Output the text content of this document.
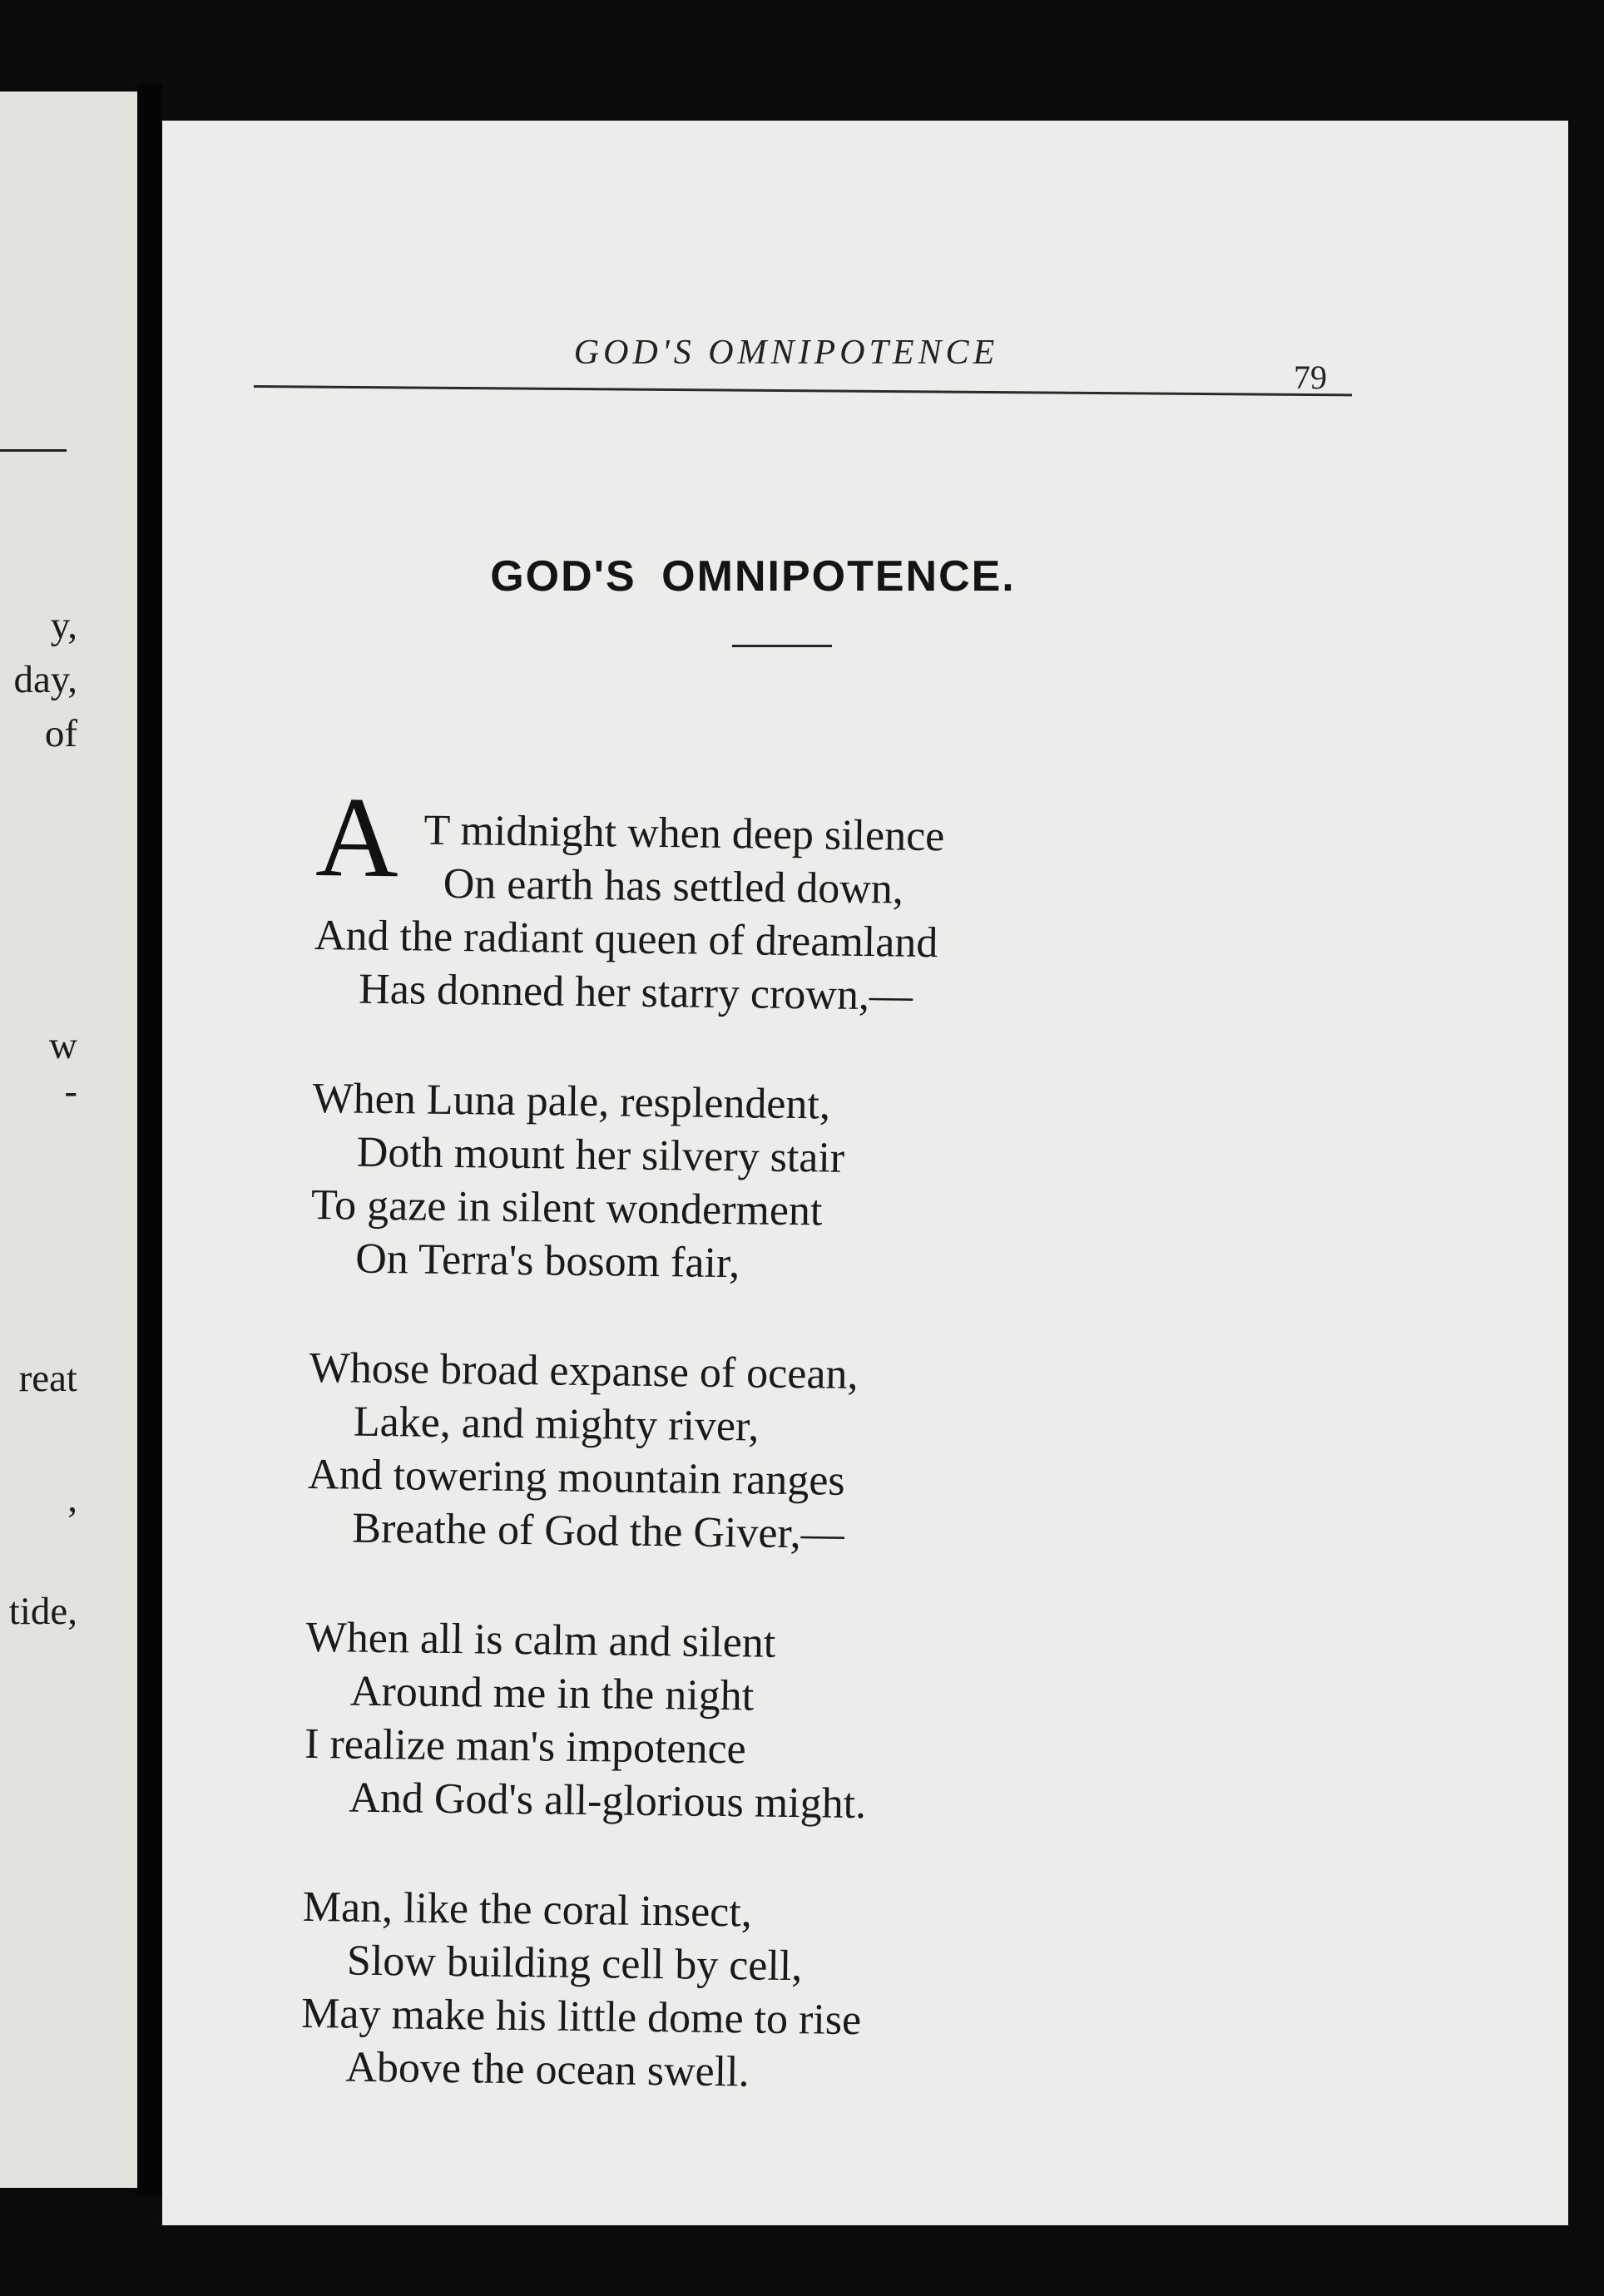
y,
day,
of
w
-
reat
,
tide,
GOD'S OMNIPOTENCE
79
GOD'S OMNIPOTENCE.
A T midnight when deep silence
On earth has settled down,
And the radiant queen of dreamland
Has donned her starry crown,—
When Luna pale, resplendent,
Doth mount her silvery stair
To gaze in silent wonderment
On Terra's bosom fair,
Whose broad expanse of ocean,
Lake, and mighty river,
And towering mountain ranges
Breathe of God the Giver,—
When all is calm and silent
Around me in the night
I realize man's impotence
And God's all-glorious might.
Man, like the coral insect,
Slow building cell by cell,
May make his little dome to rise
Above the ocean swell.
